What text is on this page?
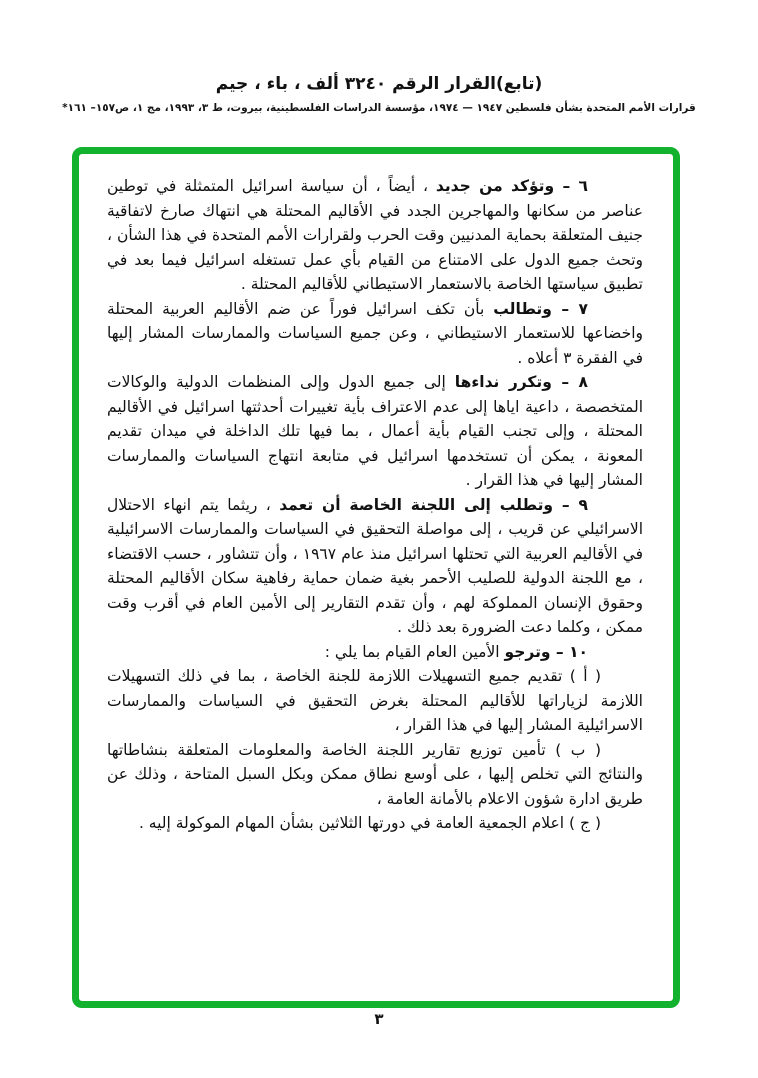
(تابع)القرار الرقم ٣٢٤٠ ألف ، باء ، جيم
قرارات الأمم المتحدة بشأن فلسطين ١٩٤٧ — ١٩٧٤، مؤسسة الدراسات الفلسطينية، بيروت، ط ٣، ١٩٩٣، مج ١، ص١٥٧– ١٦١*

٦ – وتؤكد من جديد ، أيضاً ، أن سياسة اسرائيل المتمثلة في توطين عناصر من سكانها والمهاجرين الجدد في الأقاليم المحتلة هي انتهاك صارخ لاتفاقية جنيف المتعلقة بحماية المدنيين وقت الحرب ولقرارات الأمم المتحدة في هذا الشأن ، وتحث جميع الدول على الامتناع من القيام بأي عمل تستغله اسرائيل فيما بعد في تطبيق سياستها الخاصة بالاستعمار الاستيطاني للأقاليم المحتلة .

٧ – وتطالب بأن تكف اسرائيل فوراً عن ضم الأقاليم العربية المحتلة واخضاعها للاستعمار الاستيطاني ، وعن جميع السياسات والممارسات المشار إليها في الفقرة ٣ أعلاه .

٨ – وتكرر نداءها إلى جميع الدول وإلى المنظمات الدولية والوكالات المتخصصة ، داعية اياها إلى عدم الاعتراف بأية تغييرات أحدثتها اسرائيل في الأقاليم المحتلة ، وإلى تجنب القيام بأية أعمال ، بما فيها تلك الداخلة في ميدان تقديم المعونة ، يمكن أن تستخدمها اسرائيل في متابعة انتهاج السياسات والممارسات المشار إليها في هذا القرار .

٩ – وتطلب إلى اللجنة الخاصة أن تعمد ، ريثما يتم انهاء الاحتلال الاسرائيلي عن قريب ، إلى مواصلة التحقيق في السياسات والممارسات الاسرائيلية في الأقاليم العربية التي تحتلها اسرائيل منذ عام ١٩٦٧ ، وأن تتشاور ، حسب الاقتضاء ، مع اللجنة الدولية للصليب الأحمر بغية ضمان حماية رفاهية سكان الأقاليم المحتلة وحقوق الإنسان المملوكة لهم ، وأن تقدم التقارير إلى الأمين العام في أقرب وقت ممكن ، وكلما دعت الضرورة بعد ذلك .

١٠ – وترجو الأمين العام القيام بما يلي :

( أ ) تقديم جميع التسهيلات اللازمة للجنة الخاصة ، بما في ذلك التسهيلات اللازمة لزياراتها للأقاليم المحتلة بغرض التحقيق في السياسات والممارسات الاسرائيلية المشار إليها في هذا القرار ،

( ب ) تأمين توزيع تقارير اللجنة الخاصة والمعلومات المتعلقة بنشاطاتها والنتائج التي تخلص إليها ، على أوسع نطاق ممكن وبكل السبل المتاحة ، وذلك عن طريق ادارة شؤون الاعلام بالأمانة العامة ،

( ج ) اعلام الجمعية العامة في دورتها الثلاثين بشأن المهام الموكولة إليه .

٣
